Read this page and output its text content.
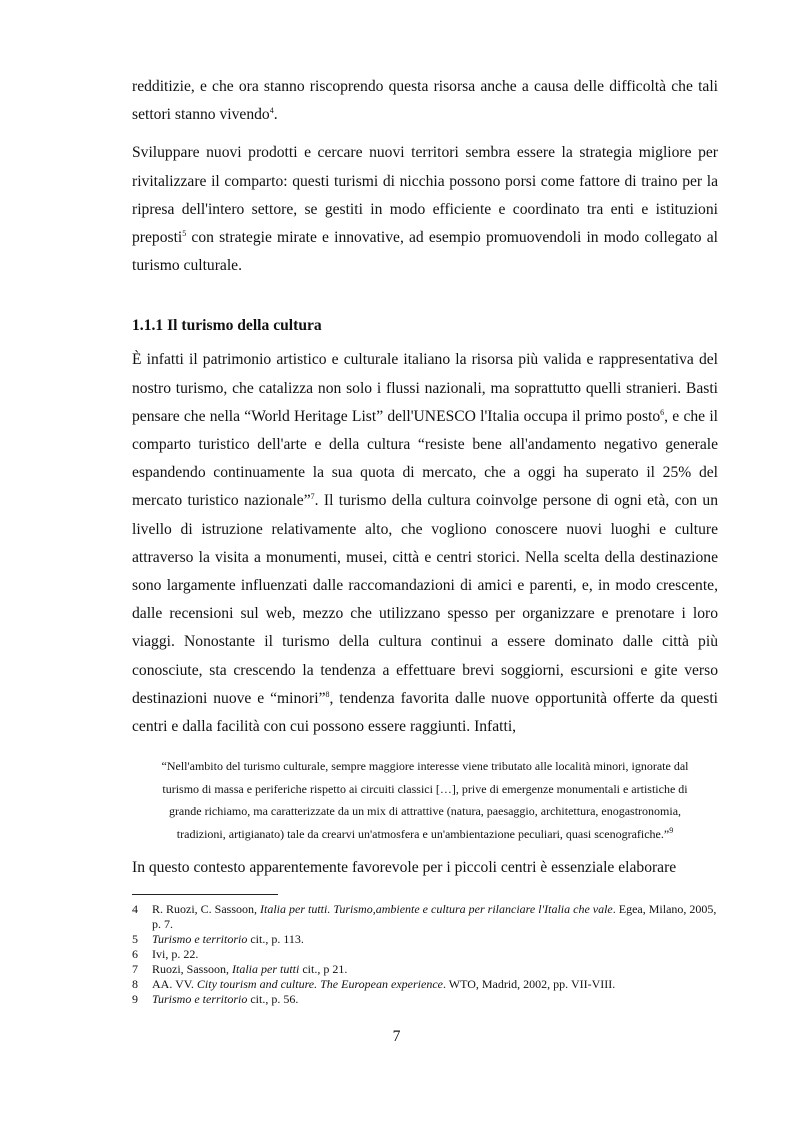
redditizie, e che ora stanno riscoprendo questa risorsa anche a causa delle difficoltà che tali settori stanno vivendo$^4$.

Sviluppare nuovi prodotti e cercare nuovi territori sembra essere la strategia migliore per rivitalizzare il comparto: questi turismi di nicchia possono porsi come fattore di traino per la ripresa dell'intero settore, se gestiti in modo efficiente e coordinato tra enti e istituzioni preposti$^5$ con strategie mirate e innovative, ad esempio promuovendoli in modo collegato al turismo culturale.

1.1.1 Il turismo della cultura

È infatti il patrimonio artistico e culturale italiano la risorsa più valida e rappresentativa del nostro turismo, che catalizza non solo i flussi nazionali, ma soprattutto quelli stranieri. Basti pensare che nella “World Heritage List” dell'UNESCO l'Italia occupa il primo posto$^6$, e che il comparto turistico dell'arte e della cultura “resiste bene all'andamento negativo generale espandendo continuamente la sua quota di mercato, che a oggi ha superato il 25% del mercato turistico nazionale”$^7$. Il turismo della cultura coinvolge persone di ogni età, con un livello di istruzione relativamente alto, che vogliono conoscere nuovi luoghi e culture attraverso la visita a monumenti, musei, città e centri storici. Nella scelta della destinazione sono largamente influenzati dalle raccomandazioni di amici e parenti, e, in modo crescente, dalle recensioni sul web, mezzo che utilizzano spesso per organizzare e prenotare i loro viaggi. Nonostante il turismo della cultura continui a essere dominato dalle città più conosciute, sta crescendo la tendenza a effettuare brevi soggiorni, escursioni e gite verso destinazioni nuove e “minori”$^8$, tendenza favorita dalle nuove opportunità offerte da questi centri e dalla facilità con cui possono essere raggiunti. Infatti,

“Nell'ambito del turismo culturale, sempre maggiore interesse viene tributato alle località minori, ignorate dal turismo di massa e periferiche rispetto ai circuiti classici […], prive di emergenze monumentali e artistiche di grande richiamo, ma caratterizzate da un mix di attrattive (natura, paesaggio, architettura, enogastronomia, tradizioni, artigianato) tale da crearvi un'atmosfera e un'ambientazione peculiari, quasi scenografiche.”$^9$

In questo contesto apparentemente favorevole per i piccoli centri è essenziale elaborare

4	R. Ruozi, C. Sassoon, Italia per tutti. Turismo,ambiente e cultura per rilanciare l'Italia che vale. Egea, Milano, 2005, p. 7.
5	Turismo e territorio cit., p. 113.
6	Ivi, p. 22.
7	Ruozi, Sassoon, Italia per tutti cit., p 21.
8	AA. VV. City tourism and culture. The European experience. WTO, Madrid, 2002, pp. VII-VIII.
9	Turismo e territorio cit., p. 56.
7
